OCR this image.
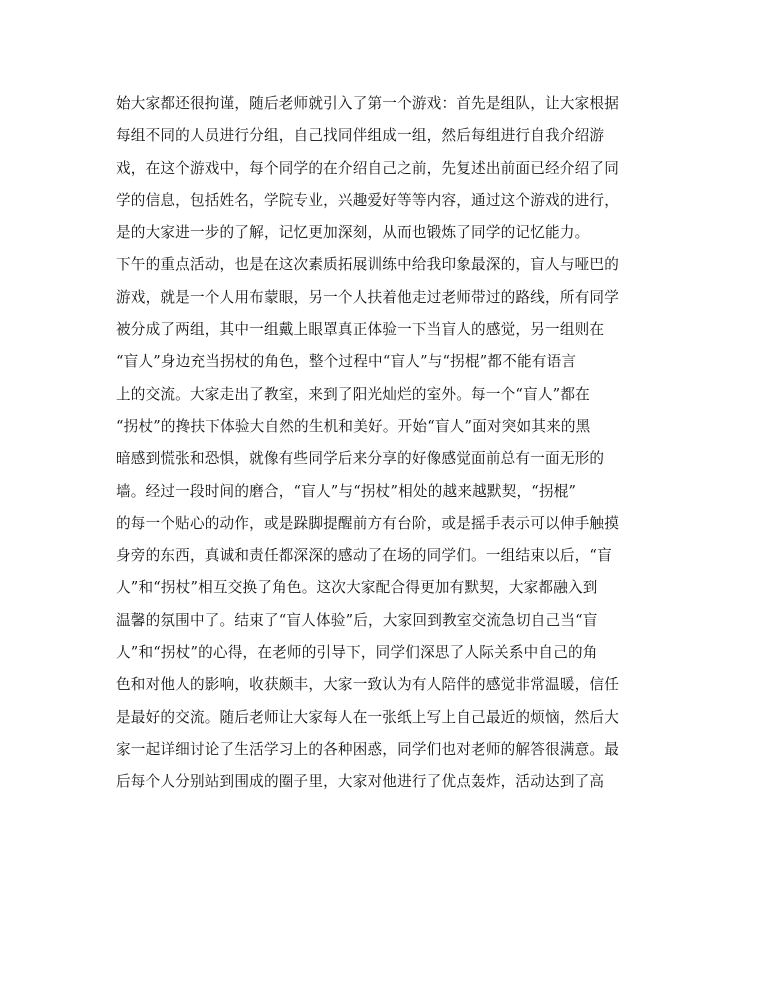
始大家都还很拘谨，随后老师就引入了第一个游戏：首先是组队，让大家根据
每组不同的人员进行分组，自己找同伴组成一组，然后每组进行自我介绍游
戏，在这个游戏中，每个同学的在介绍自己之前，先复述出前面已经介绍了同
学的信息，包括姓名，学院专业，兴趣爱好等等内容，通过这个游戏的进行，
是的大家进一步的了解，记忆更加深刻，从而也锻炼了同学的记忆能力。
下午的重点活动，也是在这次素质拓展训练中给我印象最深的，盲人与哑巴的
游戏，就是一个人用布蒙眼，另一个人扶着他走过老师带过的路线，所有同学
被分成了两组，其中一组戴上眼罩真正体验一下当盲人的感觉，另一组则在
“盲人”身边充当拐杖的角色，整个过程中“盲人”与“拐棍”都不能有语言
上的交流。大家走出了教室，来到了阳光灿烂的室外。每一个“盲人”都在
“拐杖”的搀扶下体验大自然的生机和美好。开始“盲人”面对突如其来的黑
暗感到慌张和恐惧，就像有些同学后来分享的好像感觉面前总有一面无形的
墙。经过一段时间的磨合，“盲人”与“拐杖”相处的越来越默契，“拐棍”
的每一个贴心的动作，或是跺脚提醒前方有台阶，或是摇手表示可以伸手触摸
身旁的东西，真诚和责任都深深的感动了在场的同学们。一组结束以后，“盲
人”和“拐杖”相互交换了角色。这次大家配合得更加有默契，大家都融入到
温馨的氛围中了。结束了“盲人体验”后，大家回到教室交流急切自己当“盲
人”和“拐杖”的心得，在老师的引导下，同学们深思了人际关系中自己的角
色和对他人的影响，收获颇丰，大家一致认为有人陪伴的感觉非常温暖，信任
是最好的交流。随后老师让大家每人在一张纸上写上自己最近的烦恼，然后大
家一起详细讨论了生活学习上的各种困惑，同学们也对老师的解答很满意。最
后每个人分别站到围成的圈子里，大家对他进行了优点轰炸，活动达到了高
